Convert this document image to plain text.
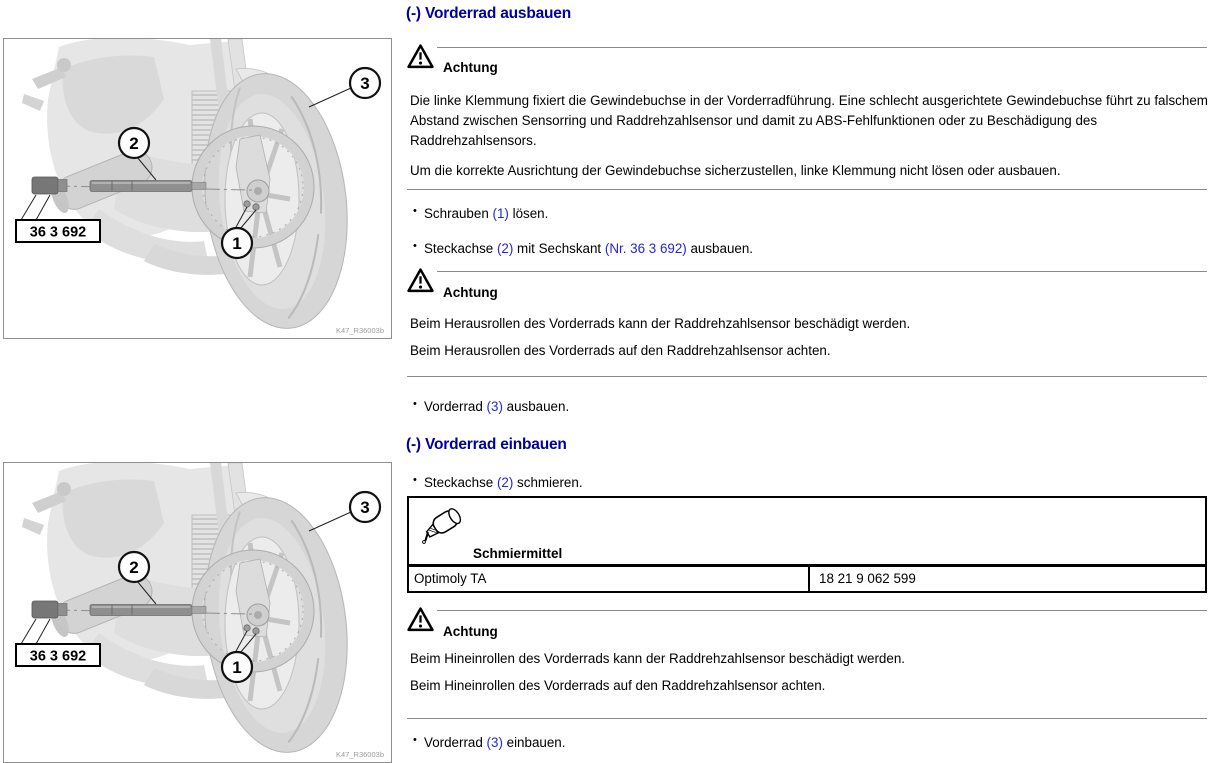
36 3 692
3
2
1
K47_R36003b
36 3 692
3
2
1
K47_R36003b
(-) Vorderrad ausbauen
Achtung
Die linke Klemmung fixiert die Gewindebuchse in der Vorderradführung. Eine schlecht ausgerichtete Gewindebuchse führt zu falschem Abstand zwischen Sensorring und Raddrehzahlsensor und damit zu ABS-Fehlfunktionen oder zu Beschädigung des Raddrehzahlsensors.
Um die korrekte Ausrichtung der Gewindebuchse sicherzustellen, linke Klemmung nicht lösen oder ausbauen.
• Schrauben (1) lösen.
• Steckachse (2) mit Sechskant (Nr. 36 3 692) ausbauen.
Achtung
Beim Herausrollen des Vorderrads kann der Raddrehzahlsensor beschädigt werden.
Beim Herausrollen des Vorderrads auf den Raddrehzahlsensor achten.
• Vorderrad (3) ausbauen.
(-) Vorderrad einbauen
• Steckachse (2) schmieren.
Schmiermittel
Optimoly TA	18 21 9 062 599
Achtung
Beim Hineinrollen des Vorderrads kann der Raddrehzahlsensor beschädigt werden.
Beim Hineinrollen des Vorderrads auf den Raddrehzahlsensor achten.
• Vorderrad (3) einbauen.
